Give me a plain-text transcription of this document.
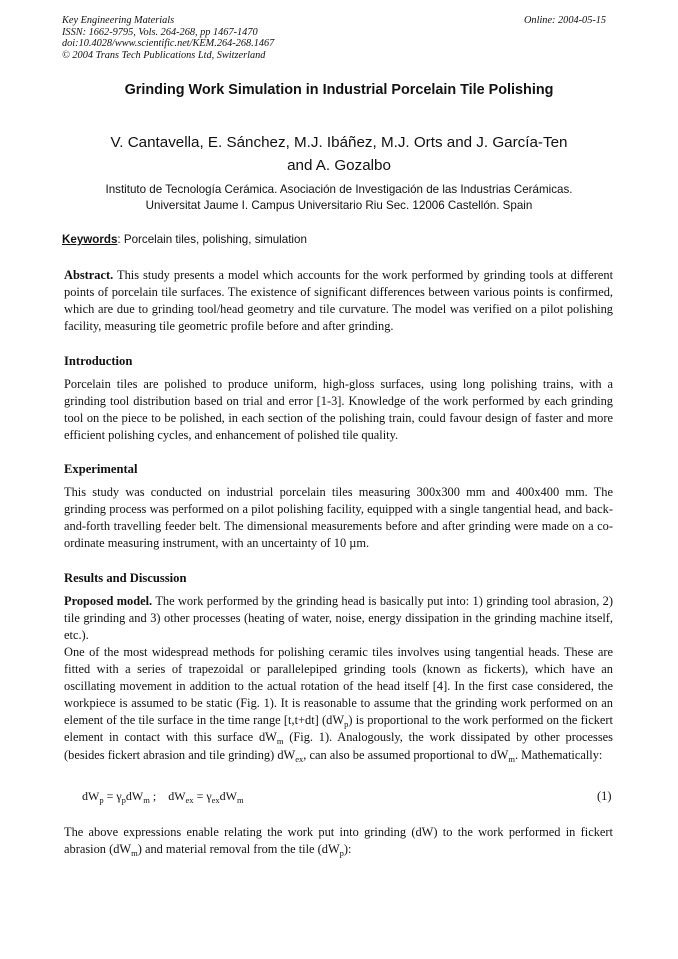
Key Engineering Materials
ISSN: 1662-9795, Vols. 264-268, pp 1467-1470
doi:10.4028/www.scientific.net/KEM.264-268.1467
© 2004 Trans Tech Publications Ltd, Switzerland
Online: 2004-05-15
Grinding Work Simulation in Industrial Porcelain Tile Polishing
V. Cantavella, E. Sánchez, M.J. Ibáñez, M.J. Orts and J. García-Ten
and A. Gozalbo
Instituto de Tecnología Cerámica. Asociación de Investigación de las Industrias Cerámicas.
Universitat Jaume I. Campus Universitario Riu Sec. 12006 Castellón. Spain
Keywords: Porcelain tiles, polishing, simulation
Abstract. This study presents a model which accounts for the work performed by grinding tools at different points of porcelain tile surfaces. The existence of significant differences between various points is confirmed, which are due to grinding tool/head geometry and tile curvature. The model was verified on a pilot polishing facility, measuring tile geometric profile before and after grinding.
Introduction
Porcelain tiles are polished to produce uniform, high-gloss surfaces, using long polishing trains, with a grinding tool distribution based on trial and error [1-3]. Knowledge of the work performed by each grinding tool on the piece to be polished, in each section of the polishing train, could favour design of faster and more efficient polishing cycles, and enhancement of polished tile quality.
Experimental
This study was conducted on industrial porcelain tiles measuring 300x300 mm and 400x400 mm. The grinding process was performed on a pilot polishing facility, equipped with a single tangential head, and back-and-forth travelling feeder belt. The dimensional measurements before and after grinding were made on a co-ordinate measuring instrument, with an uncertainty of 10 µm.
Results and Discussion
Proposed model. The work performed by the grinding head is basically put into: 1) grinding tool abrasion, 2) tile grinding and 3) other processes (heating of water, noise, energy dissipation in the grinding machine itself, etc.).
One of the most widespread methods for polishing ceramic tiles involves using tangential heads. These are fitted with a series of trapezoidal or parallelepiped grinding tools (known as fickerts), which have an oscillating movement in addition to the actual rotation of the head itself [4]. In the first case considered, the workpiece is assumed to be static (Fig. 1). It is reasonable to assume that the grinding work performed on an element of the tile surface in the time range [t,t+dt] $(dW_p)$ is proportional to the work performed on the fickert element in contact with this surface $dW_m$ (Fig. 1). Analogously, the work dissipated by other processes (besides fickert abrasion and tile grinding) $dW_{ex}$, can also be assumed proportional to $dW_m$. Mathematically:
$dW_p = \gamma_pdW_m$ ;    $dW_{ex} = \gamma_{ex}dW_m$	(1)
The above expressions enable relating the work put into grinding (dW) to the work performed in fickert abrasion $(dW_m)$ and material removal from the tile $(dW_p)$:
